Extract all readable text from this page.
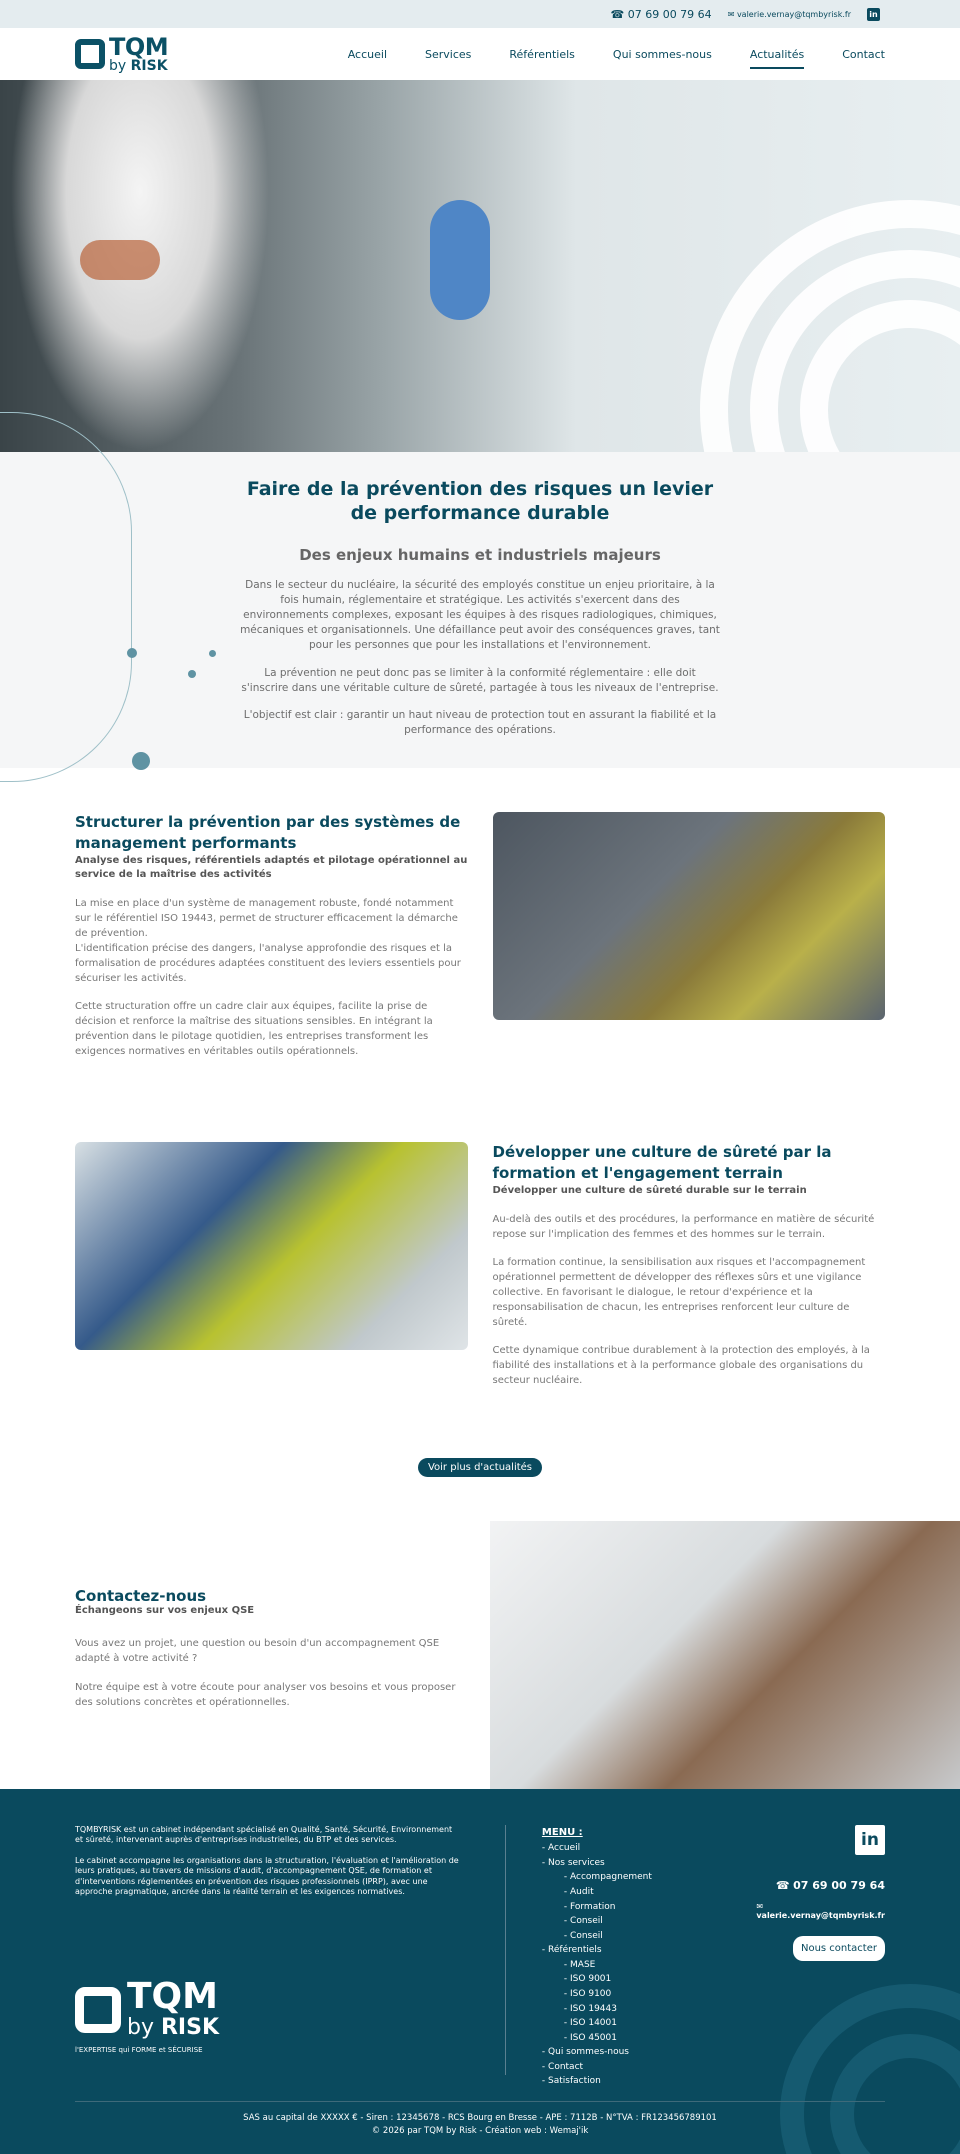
☎ 07 69 00 79 64 ✉ valerie.vernay@tqmbyrisk.fr in
TQM
by RISK
Accueil	Services	Référentiels	Qui sommes-nous	Actualités	Contact
Faire de la prévention des risques un levier de performance durable
Des enjeux humains et industriels majeurs

Dans le secteur du nucléaire, la sécurité des employés constitue un enjeu prioritaire, à la fois humain, réglementaire et stratégique. Les activités s'exercent dans des environnements complexes, exposant les équipes à des risques radiologiques, chimiques, mécaniques et organisationnels. Une défaillance peut avoir des conséquences graves, tant pour les personnes que pour les installations et l'environnement.

La prévention ne peut donc pas se limiter à la conformité réglementaire : elle doit s'inscrire dans une véritable culture de sûreté, partagée à tous les niveaux de l'entreprise.

L'objectif est clair : garantir un haut niveau de protection tout en assurant la fiabilité et la performance des opérations.

Structurer la prévention par des systèmes de management performants
Analyse des risques, référentiels adaptés et pilotage opérationnel au service de la maîtrise des activités

La mise en place d'un système de management robuste, fondé notamment sur le référentiel ISO 19443, permet de structurer efficacement la démarche de prévention.
L'identification précise des dangers, l'analyse approfondie des risques et la formalisation de procédures adaptées constituent des leviers essentiels pour sécuriser les activités.

Cette structuration offre un cadre clair aux équipes, facilite la prise de décision et renforce la maîtrise des situations sensibles. En intégrant la prévention dans le pilotage quotidien, les entreprises transforment les exigences normatives en véritables outils opérationnels.

Développer une culture de sûreté par la formation et l'engagement terrain
Développer une culture de sûreté durable sur le terrain

Au-delà des outils et des procédures, la performance en matière de sécurité repose sur l'implication des femmes et des hommes sur le terrain.

La formation continue, la sensibilisation aux risques et l'accompagnement opérationnel permettent de développer des réflexes sûrs et une vigilance collective. En favorisant le dialogue, le retour d'expérience et la responsabilisation de chacun, les entreprises renforcent leur culture de sûreté.

Cette dynamique contribue durablement à la protection des employés, à la fiabilité des installations et à la performance globale des organisations du secteur nucléaire.

Voir plus d'actualités
Contactez-nous
Échangeons sur vos enjeux QSE

Vous avez un projet, une question ou besoin d'un accompagnement QSE adapté à votre activité ?

Notre équipe est à votre écoute pour analyser vos besoins et vous proposer des solutions concrètes et opérationnelles.

TQMBYRISK est un cabinet indépendant spécialisé en Qualité, Santé, Sécurité, Environnement et sûreté, intervenant auprès d'entreprises industrielles, du BTP et des services.

Le cabinet accompagne les organisations dans la structuration, l'évaluation et l'amélioration de leurs pratiques, au travers de missions d'audit, d'accompagnement QSE, de formation et d'interventions réglementées en prévention des risques professionnels (IPRP), avec une approche pragmatique, ancrée dans la réalité terrain et les exigences normatives.

MENU :
- Accueil
- Nos services
- Accompagnement
- Audit
- Formation
- Conseil
- Conseil
- Référentiels
- MASE
- ISO 9001
- ISO 9100
- ISO 19443
- ISO 14001
- ISO 45001
- Qui sommes-nous
- Contact
- Satisfaction
in
☎ 07 69 00 79 64
✉ valerie.vernay@tqmbyrisk.fr
Nous contacter
TQM
by RISK
l'EXPERTISE qui FORME et SÉCURISE
SAS au capital de XXXXX € - Siren : 12345678 - RCS Bourg en Bresse - APE : 7112B - N°TVA : FR123456789101
© 2026 par TQM by Risk - Création web : Wemaj'ik
